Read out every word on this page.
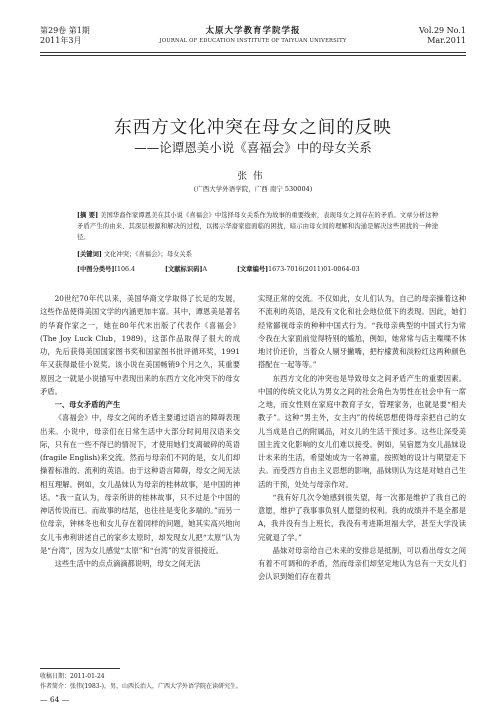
第29卷 第1期
2011年3月
太原大学教育学院学报
JOURNAL OF EDUCATION INSTITUTE OF TAIYUAN UNIVERSITY
Vol.29 No.1
Mar.2011
东西方文化冲突在母女之间的反映
——论谭恩美小说《喜福会》中的母女关系
张伟
(广西大学外语学院，广西 南宁 530004)
[摘 要] 美国华裔作家谭恩美在其小说《喜福会》中选择母女关系作为故事的重要线索，表现母女之间存在的矛盾。文章分析这种矛盾产生的由来、其深层根源和解决的过程，以揭示华裔家庭面临的困扰，暗示由母女间的理解和沟通是解决这些困扰的一种途径。
[关键词] 文化冲突；《喜福会》；母女关系
[中图分类号]I106.4	[文献标识码]A	[文章编号]1673-7016(2011)01-0064-03

20世纪70年代以来，美国华裔文学取得了长足的发展，这些作品使得美国文学的内涵更加丰富。其中，谭恩美是著名的华裔作家之一，她在80年代末出版了代表作《喜福会》(The Joy Luck Club，1989)，这部作品取得了很大的成功，先后获得美国国家图书奖和国家图书批评循环奖，1991年又获得最佳小说奖。该小说在美国畅销9个月之久，其重要原因之一就是小说描写中表现出来的东西方文化冲突下的母女矛盾。

一、母女矛盾的产生

《喜福会》中，母女之间的矛盾主要通过语言的障碍表现出来。小说中，母亲们在日常生活中大部分时间用汉语来交际，只有在一些不得已的情况下，才使用她们支离破碎的英语(fragile English)来交流。然而与母亲们不同的是，女儿们却操着标准的、流利的英语。由于这种语言障碍，母女之间无法相互理解。例如，女儿晶妹认为母亲的桂林故事，是中国的神话。“我一直认为，母亲所讲的桂林故事，只不过是个中国的神话传说而已。而故事的结尾，也往往是变化多端的。”而另一位母亲，钟林冬也和女儿存在着同样的问题，她其实高兴地向女儿韦弗利讲述自己的家乡太原时，却发现女儿把“太原”认为是“台湾”，因为女儿感觉“太原”和“台湾”的发音很接近。

这些生活中的点点滴滴都说明，母女之间无法

实现正常的交流。不仅如此，女儿们认为，自己的母亲操着这种不流利的英语，是没有文化和社会地位低下的表现。因此，她们经常鄙视母亲的种种中国式行为。“我母亲典型的中国式行为常令我在大家面前觉得特别的尴尬，例如，她常常与店主喋喋不休地讨价还价，当着众人剔牙撇嘴，把柠檬黄和淡粉红这两种颜色搭配在一起等等。”

东西方文化的冲突也是导致母女之间矛盾产生的重要因素。中国的传统文化认为男女之间的社会角色为男性在社会中有一席之地，而女性则在家庭中教育子女，管理家务，也就是要“相夫教子”。这种“男主外，女主内”的传统思想使得母亲把自己的女儿当成是自己的附属品，对女儿的生活干预过多。这些让深受美国主流文化影响的女儿们难以接受。例如，吴宿愿为女儿晶妹设计未来的生活，希望她成为一名神童，按照她的设计与期望走下去。而受西方自由主义思想的影响，晶妹则认为这是对她自己生活的干预，处处与母亲作对。

“我有好几次令她感到很失望，每一次都是维护了我自己的意愿，维护了我事事负别人愿望的权利。我的成绩并不是全都是A，我并没有当上班长，我没有考进斯坦福大学，甚至大学没读完就退了学。”

晶妹对母亲给自己未来的安排总是抵制，可以看出母女之间有着不可调和的矛盾，然而母亲们却坚定地认为总有一天女儿们会认识到她们存在着共

收稿日期：2011-01-24
作者简介：张伟(1983-)，男，山西长治人，广西大学外语学院在读研究生。
— 64 —
